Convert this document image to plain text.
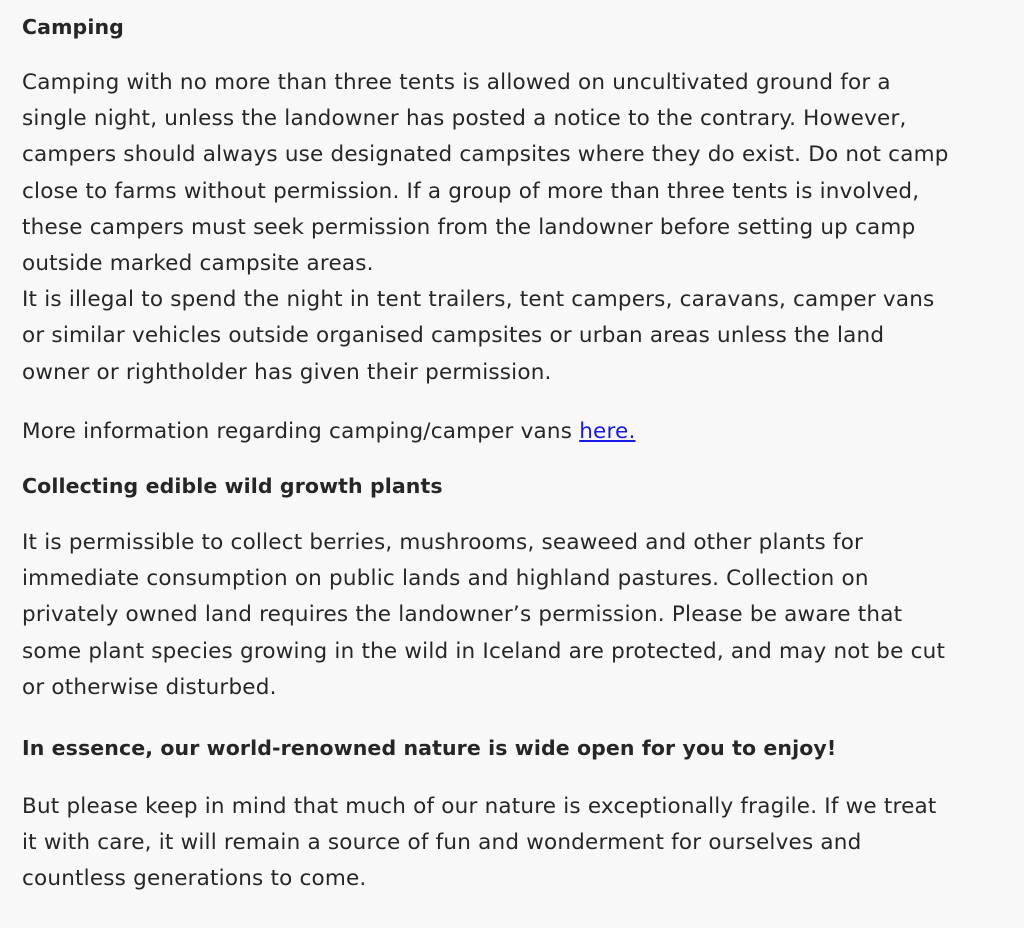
Camping

Camping with no more than three tents is allowed on uncultivated ground for a
single night, unless the landowner has posted a notice to the contrary. However,
campers should always use designated campsites where they do exist. Do not camp
close to farms without permission. If a group of more than three tents is involved,
these campers must seek permission from the landowner before setting up camp
outside marked campsite areas.
It is illegal to spend the night in tent trailers, tent campers, caravans, camper vans
or similar vehicles outside organised campsites or urban areas unless the land
owner or rightholder has given their permission.

More information regarding camping/camper vans here.

Collecting edible wild growth plants

It is permissible to collect berries, mushrooms, seaweed and other plants for
immediate consumption on public lands and highland pastures. Collection on
privately owned land requires the landowner’s permission. Please be aware that
some plant species growing in the wild in Iceland are protected, and may not be cut
or otherwise disturbed.

In essence, our world-renowned nature is wide open for you to enjoy!

But please keep in mind that much of our nature is exceptionally fragile. If we treat
it with care, it will remain a source of fun and wonderment for ourselves and
countless generations to come.
